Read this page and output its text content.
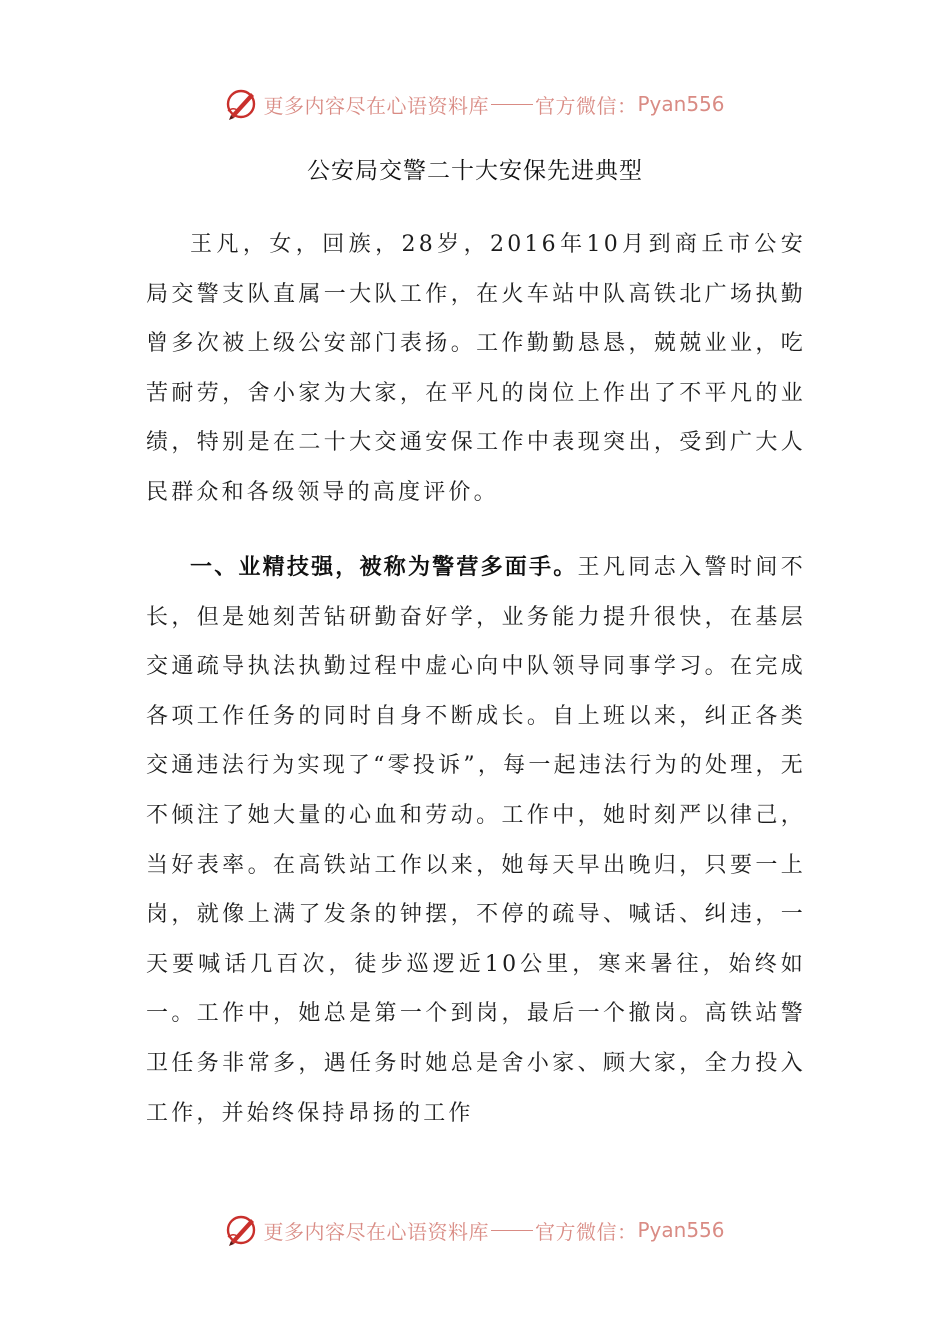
更多内容尽在心语资料库 官方微信： Pyan556
公安局交警二十大安保先进典型
王凡，女，回族，28岁，2016年10月到商丘市公安局交警支队直属一大队工作，在火车站中队高铁北广场执勤曾多次被上级公安部门表扬。工作勤勤恳恳，兢兢业业，吃苦耐劳，舍小家为大家，在平凡的岗位上作出了不平凡的业绩，特别是在二十大交通安保工作中表现突出，受到广大人民群众和各级领导的高度评价。
一、业精技强，被称为警营多面手。王凡同志入警时间不长，但是她刻苦钻研勤奋好学，业务能力提升很快，在基层交通疏导执法执勤过程中虚心向中队领导同事学习。在完成各项工作任务的同时自身不断成长。自上班以来，纠正各类交通违法行为实现了“零投诉”，每一起违法行为的处理，无不倾注了她大量的心血和劳动。工作中，她时刻严以律己，当好表率。在高铁站工作以来，她每天早出晚归，只要一上岗，就像上满了发条的钟摆，不停的疏导、喊话、纠违，一天要喊话几百次，徒步巡逻近10公里，寒来暑往，始终如一。工作中，她总是第一个到岗，最后一个撤岗。高铁站警卫任务非常多，遇任务时她总是舍小家、顾大家，全力投入工作，并始终保持昂扬的工作
更多内容尽在心语资料库 官方微信： Pyan556
